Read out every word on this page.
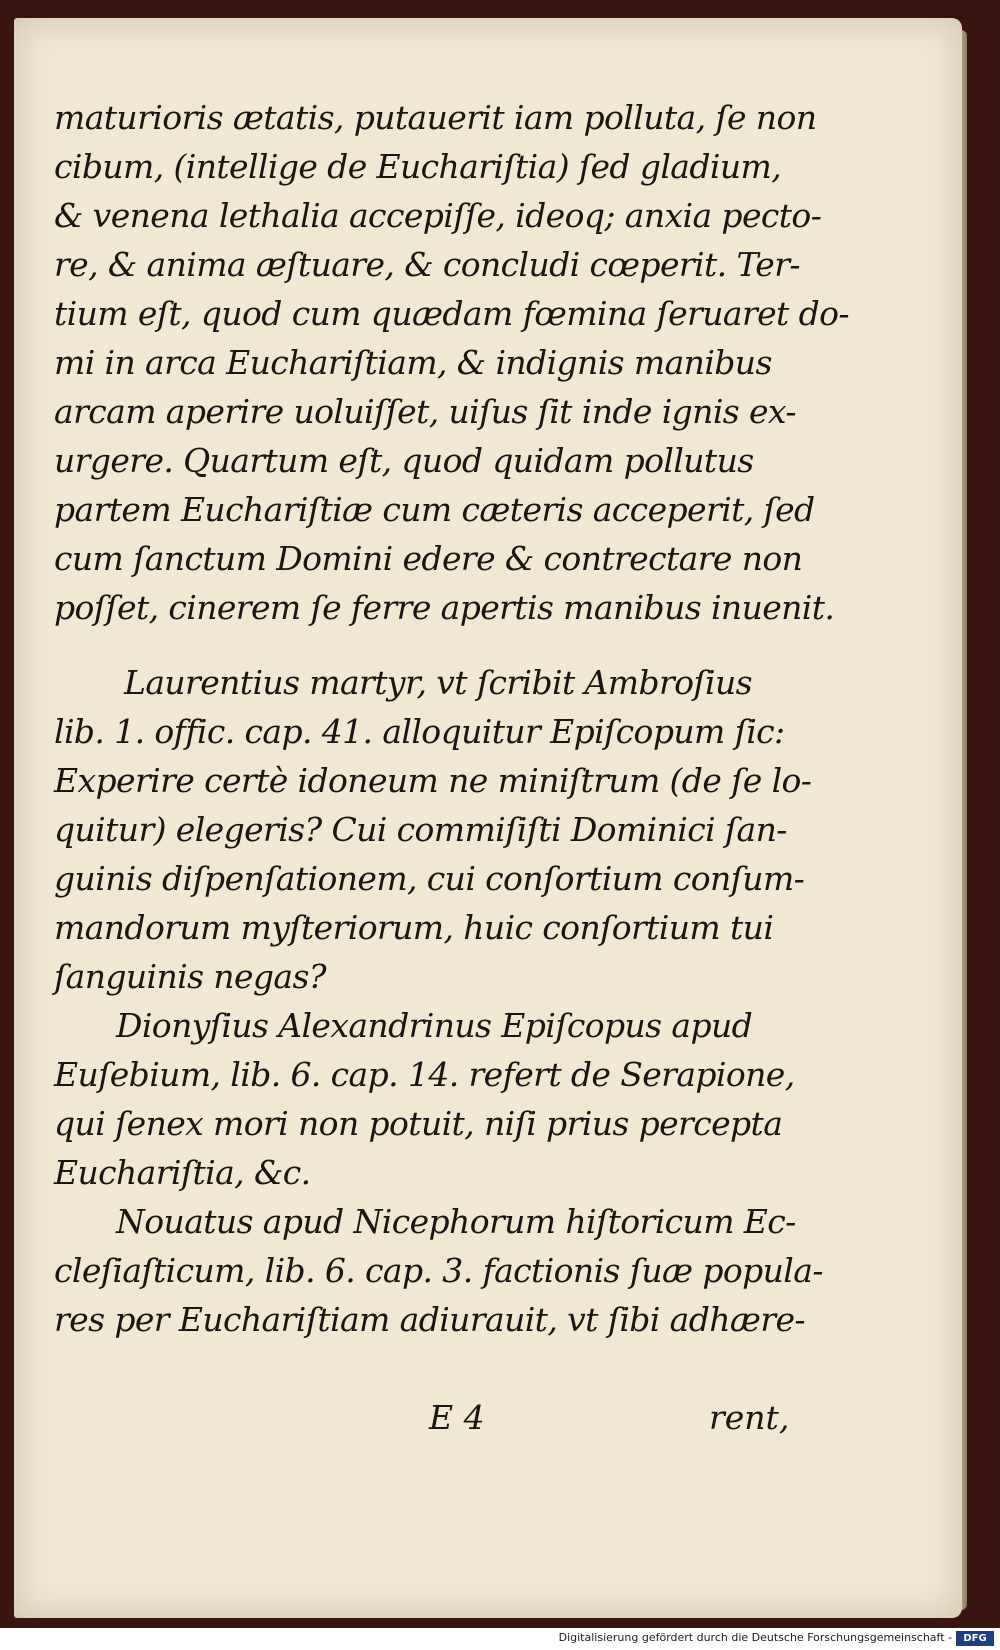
maturioris ætatis, putauerit iam polluta, ſe non
cibum, (intellige de Euchariſtia) ſed gladium,
& venena lethalia accepiſſe, ideoq; anxia pecto-
re, & anima æſtuare, & concludi cœperit. Ter-
tium eſt, quod cum quædam fœmina ſeruaret do-
mi in arca Euchariſtiam, & indignis manibus
arcam aperire uoluiſſet, uiſus ſit inde ignis ex-
urgere. Quartum eſt, quod quidam pollutus
partem Euchariſtiæ cum cæteris acceperit, ſed
cum ſanctum Domini edere & contrectare non
poſſet, cinerem ſe ferre apertis manibus inuenit.
Laurentius martyr, vt ſcribit Ambroſius
lib. 1. offic. cap. 41. alloquitur Epiſcopum ſic:
Experire certè idoneum ne miniſtrum (de ſe lo-
quitur) elegeris? Cui commiſiſti Dominici ſan-
guinis diſpenſationem, cui conſortium conſum-
mandorum myſteriorum, huic conſortium tui
ſanguinis negas?
Dionyſius Alexandrinus Epiſcopus apud
Euſebium, lib. 6. cap. 14. refert de Serapione,
qui ſenex mori non potuit, niſi prius percepta
Euchariſtia, &c.
Nouatus apud Nicephorum hiſtoricum Ec-
cleſiaſticum, lib. 6. cap. 3. factionis ſuæ popula-
res per Euchariſtiam adiurauit, vt ſibi adhære-
E 4	rent,
Digitalisierung gefördert durch die Deutsche Forschungsgemeinschaft -	DFG
